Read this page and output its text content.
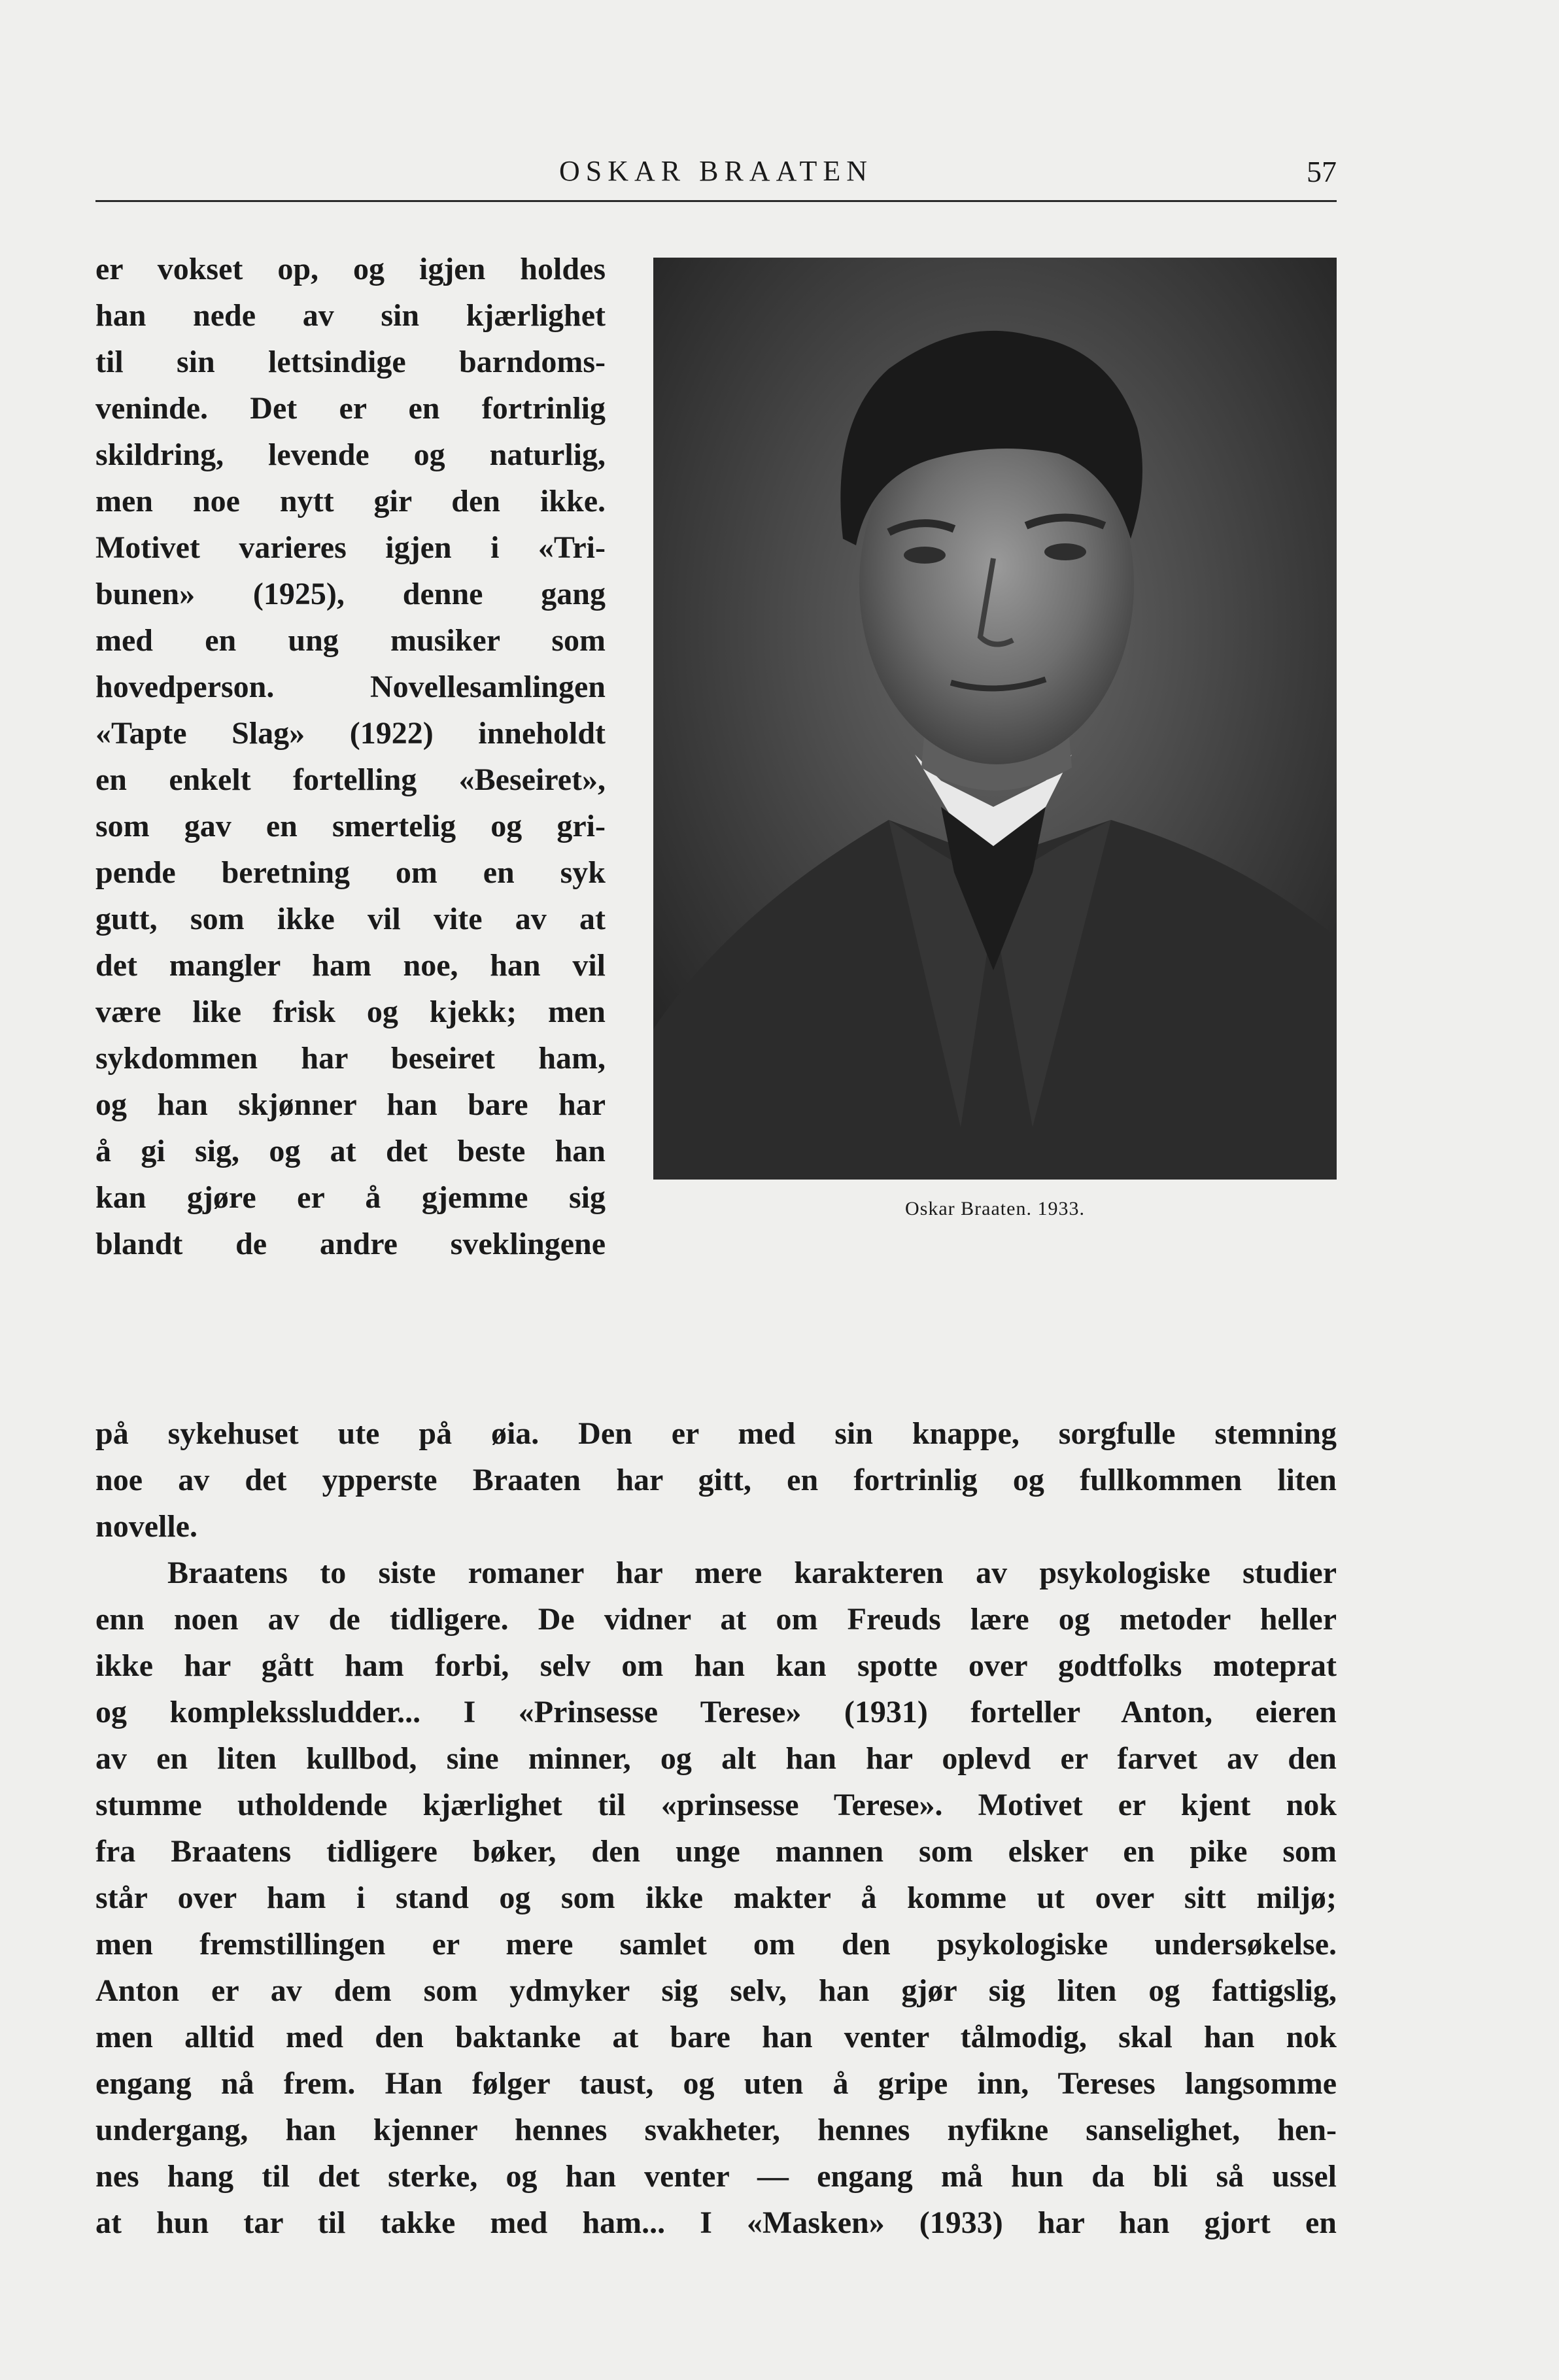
OSKAR BRAATEN	57
Oskar Braaten. 1933.
er vokset op, og igjen holdes
han nede av sin kjærlighet
til sin lettsindige barndoms-
veninde. Det er en fortrinlig
skildring, levende og naturlig,
men noe nytt gir den ikke.
Motivet varieres igjen i «Tri-
bunen» (1925), denne gang
med en ung musiker som
hovedperson. Novellesamlingen
«Tapte Slag» (1922) inneholdt
en enkelt fortelling «Beseiret»,
som gav en smertelig og gri-
pende beretning om en syk
gutt, som ikke vil vite av at
det mangler ham noe, han vil
være like frisk og kjekk; men
sykdommen har beseiret ham,
og han skjønner han bare har
å gi sig, og at det beste han
kan gjøre er å gjemme sig
blandt de andre sveklingene
på sykehuset ute på øia. Den er med sin knappe, sorgfulle stemning
noe av det ypperste Braaten har gitt, en fortrinlig og fullkommen liten
novelle.
Braatens to siste romaner har mere karakteren av psykologiske studier
enn noen av de tidligere. De vidner at om Freuds lære og metoder heller
ikke har gått ham forbi, selv om han kan spotte over godtfolks moteprat
og komplekssludder... I «Prinsesse Terese» (1931) forteller Anton, eieren
av en liten kullbod, sine minner, og alt han har oplevd er farvet av den
stumme utholdende kjærlighet til «prinsesse Terese». Motivet er kjent nok
fra Braatens tidligere bøker, den unge mannen som elsker en pike som
står over ham i stand og som ikke makter å komme ut over sitt miljø;
men fremstillingen er mere samlet om den psykologiske undersøkelse.
Anton er av dem som ydmyker sig selv, han gjør sig liten og fattigslig,
men alltid med den baktanke at bare han venter tålmodig, skal han nok
engang nå frem. Han følger taust, og uten å gripe inn, Tereses langsomme
undergang, han kjenner hennes svakheter, hennes nyfikne sanselighet, hen-
nes hang til det sterke, og han venter — engang må hun da bli så ussel
at hun tar til takke med ham... I «Masken» (1933) har han gjort en
